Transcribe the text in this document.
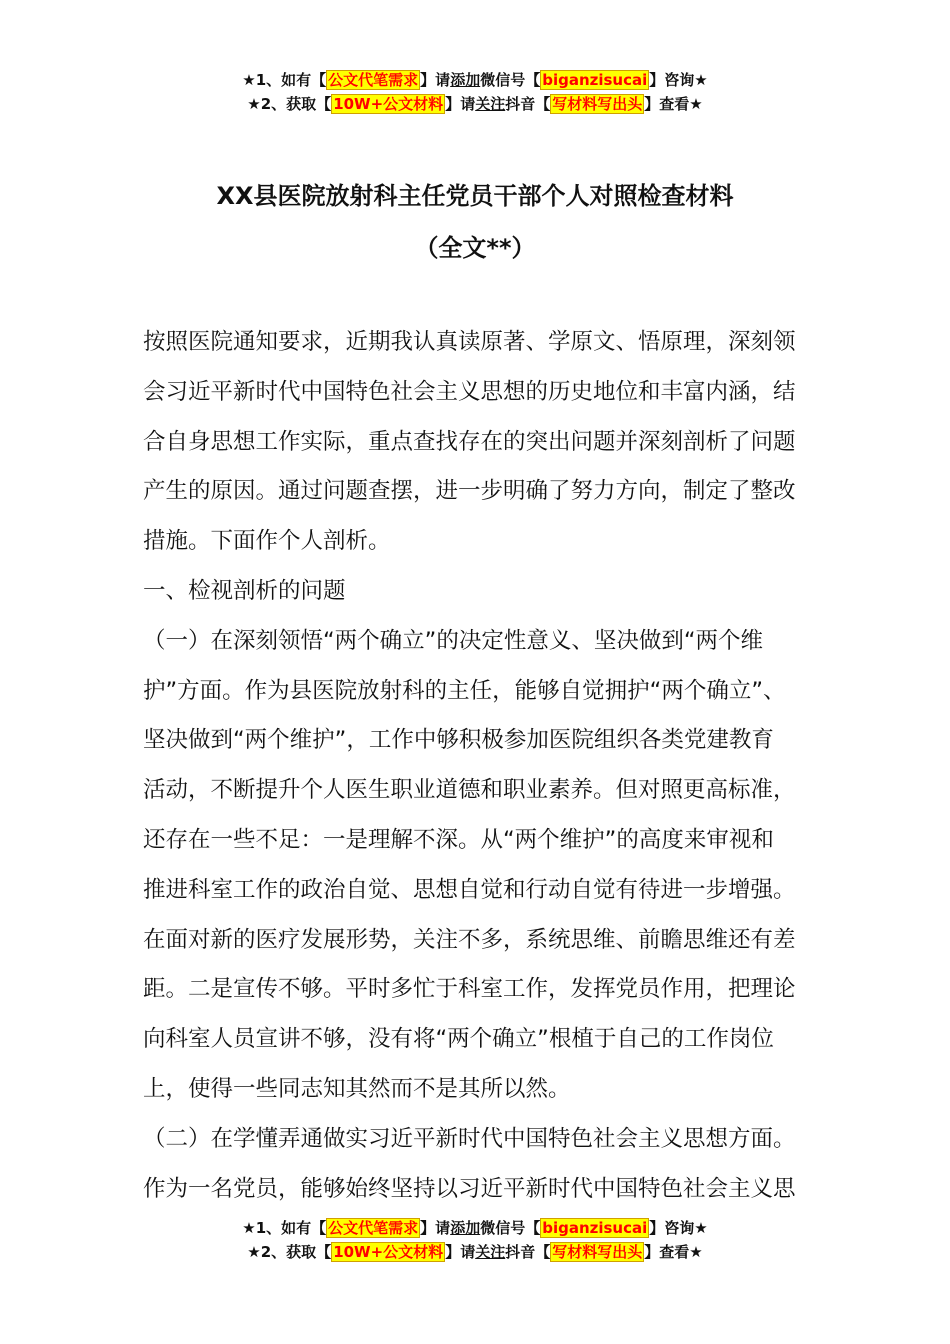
★1、如有【 公文代笔需求 】请添加微信号【 biganzisucai 】咨询★
★2、获取【 10W+公文材料 】请关注抖音【 写材料写出头 】查看★
XX县医院放射科主任党员干部个人对照检查材料
（全文**）
按照医院通知要求，近期我认真读原著、学原文、悟原理，深刻领
会习近平新时代中国特色社会主义思想的历史地位和丰富内涵，结
合自身思想工作实际，重点查找存在的突出问题并深刻剖析了问题
产生的原因。通过问题查摆，进一步明确了努力方向，制定了整改
措施。下面作个人剖析。
一、检视剖析的问题
（一）在深刻领悟“两个确立”的决定性意义、坚决做到“两个维
护”方面。作为县医院放射科的主任，能够自觉拥护“两个确立”、
坚决做到“两个维护”，工作中够积极参加医院组织各类党建教育
活动，不断提升个人医生职业道德和职业素养。但对照更高标准，
还存在一些不足：一是理解不深。从“两个维护”的高度来审视和
推进科室工作的政治自觉、思想自觉和行动自觉有待进一步增强。
在面对新的医疗发展形势，关注不多，系统思维、前瞻思维还有差
距。二是宣传不够。平时多忙于科室工作，发挥党员作用，把理论
向科室人员宣讲不够，没有将“两个确立”根植于自己的工作岗位
上，使得一些同志知其然而不是其所以然。
（二）在学懂弄通做实习近平新时代中国特色社会主义思想方面。
作为一名党员，能够始终坚持以习近平新时代中国特色社会主义思
★1、如有【 公文代笔需求 】请添加微信号【 biganzisucai 】咨询★
★2、获取【 10W+公文材料 】请关注抖音【 写材料写出头 】查看★
